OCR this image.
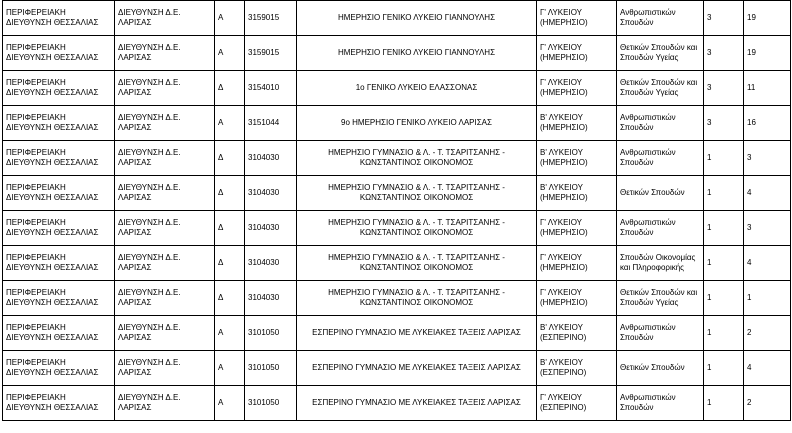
ΠΕΡΙΦΕΡΕΙΑΚΗ ΔΙΕΥΘΥΝΣΗ ΘΕΣΣΑΛΙΑΣ	ΔΙΕΥΘΥΝΣΗ Δ.Ε. ΛΑΡΙΣΑΣ	Α	3159015	ΗΜΕΡΗΣΙΟ ΓΕΝΙΚΟ ΛΥΚΕΙΟ ΓΙΑΝΝΟΥΛΗΣ	Γ' ΛΥΚΕΙΟΥ (ΗΜΕΡΗΣΙΟ)	Ανθρωπιστικών Σπουδών	3	19
ΠΕΡΙΦΕΡΕΙΑΚΗ ΔΙΕΥΘΥΝΣΗ ΘΕΣΣΑΛΙΑΣ	ΔΙΕΥΘΥΝΣΗ Δ.Ε. ΛΑΡΙΣΑΣ	Α	3159015	ΗΜΕΡΗΣΙΟ ΓΕΝΙΚΟ ΛΥΚΕΙΟ ΓΙΑΝΝΟΥΛΗΣ	Γ' ΛΥΚΕΙΟΥ (ΗΜΕΡΗΣΙΟ)	Θετικών Σπουδών και Σπουδών Υγείας	3	19
ΠΕΡΙΦΕΡΕΙΑΚΗ ΔΙΕΥΘΥΝΣΗ ΘΕΣΣΑΛΙΑΣ	ΔΙΕΥΘΥΝΣΗ Δ.Ε. ΛΑΡΙΣΑΣ	Δ	3154010	1ο ΓΕΝΙΚΟ ΛΥΚΕΙΟ ΕΛΑΣΣΟΝΑΣ	Γ' ΛΥΚΕΙΟΥ (ΗΜΕΡΗΣΙΟ)	Θετικών Σπουδών και Σπουδών Υγείας	3	11
ΠΕΡΙΦΕΡΕΙΑΚΗ ΔΙΕΥΘΥΝΣΗ ΘΕΣΣΑΛΙΑΣ	ΔΙΕΥΘΥΝΣΗ Δ.Ε. ΛΑΡΙΣΑΣ	Α	3151044	9ο ΗΜΕΡΗΣΙΟ ΓΕΝΙΚΟ ΛΥΚΕΙΟ ΛΑΡΙΣΑΣ	Β' ΛΥΚΕΙΟΥ (ΗΜΕΡΗΣΙΟ)	Ανθρωπιστικών Σπουδών	3	16
ΠΕΡΙΦΕΡΕΙΑΚΗ ΔΙΕΥΘΥΝΣΗ ΘΕΣΣΑΛΙΑΣ	ΔΙΕΥΘΥΝΣΗ Δ.Ε. ΛΑΡΙΣΑΣ	Δ	3104030	ΗΜΕΡΗΣΙΟ ΓΥΜΝΑΣΙΟ & Λ. - Τ. ΤΣΑΡΙΤΣΑΝΗΣ - ΚΩΝΣΤΑΝΤΙΝΟΣ ΟΙΚΟΝΟΜΟΣ	Β' ΛΥΚΕΙΟΥ (ΗΜΕΡΗΣΙΟ)	Ανθρωπιστικών Σπουδών	1	3
ΠΕΡΙΦΕΡΕΙΑΚΗ ΔΙΕΥΘΥΝΣΗ ΘΕΣΣΑΛΙΑΣ	ΔΙΕΥΘΥΝΣΗ Δ.Ε. ΛΑΡΙΣΑΣ	Δ	3104030	ΗΜΕΡΗΣΙΟ ΓΥΜΝΑΣΙΟ & Λ. - Τ. ΤΣΑΡΙΤΣΑΝΗΣ - ΚΩΝΣΤΑΝΤΙΝΟΣ ΟΙΚΟΝΟΜΟΣ	Β' ΛΥΚΕΙΟΥ (ΗΜΕΡΗΣΙΟ)	Θετικών Σπουδών	1	4
ΠΕΡΙΦΕΡΕΙΑΚΗ ΔΙΕΥΘΥΝΣΗ ΘΕΣΣΑΛΙΑΣ	ΔΙΕΥΘΥΝΣΗ Δ.Ε. ΛΑΡΙΣΑΣ	Δ	3104030	ΗΜΕΡΗΣΙΟ ΓΥΜΝΑΣΙΟ & Λ. - Τ. ΤΣΑΡΙΤΣΑΝΗΣ - ΚΩΝΣΤΑΝΤΙΝΟΣ ΟΙΚΟΝΟΜΟΣ	Γ' ΛΥΚΕΙΟΥ (ΗΜΕΡΗΣΙΟ)	Ανθρωπιστικών Σπουδών	1	3
ΠΕΡΙΦΕΡΕΙΑΚΗ ΔΙΕΥΘΥΝΣΗ ΘΕΣΣΑΛΙΑΣ	ΔΙΕΥΘΥΝΣΗ Δ.Ε. ΛΑΡΙΣΑΣ	Δ	3104030	ΗΜΕΡΗΣΙΟ ΓΥΜΝΑΣΙΟ & Λ. - Τ. ΤΣΑΡΙΤΣΑΝΗΣ - ΚΩΝΣΤΑΝΤΙΝΟΣ ΟΙΚΟΝΟΜΟΣ	Γ' ΛΥΚΕΙΟΥ (ΗΜΕΡΗΣΙΟ)	Σπουδών Οικονομίας και Πληροφορικής	1	4
ΠΕΡΙΦΕΡΕΙΑΚΗ ΔΙΕΥΘΥΝΣΗ ΘΕΣΣΑΛΙΑΣ	ΔΙΕΥΘΥΝΣΗ Δ.Ε. ΛΑΡΙΣΑΣ	Δ	3104030	ΗΜΕΡΗΣΙΟ ΓΥΜΝΑΣΙΟ & Λ. - Τ. ΤΣΑΡΙΤΣΑΝΗΣ - ΚΩΝΣΤΑΝΤΙΝΟΣ ΟΙΚΟΝΟΜΟΣ	Γ' ΛΥΚΕΙΟΥ (ΗΜΕΡΗΣΙΟ)	Θετικών Σπουδών και Σπουδών Υγείας	1	1
ΠΕΡΙΦΕΡΕΙΑΚΗ ΔΙΕΥΘΥΝΣΗ ΘΕΣΣΑΛΙΑΣ	ΔΙΕΥΘΥΝΣΗ Δ.Ε. ΛΑΡΙΣΑΣ	Α	3101050	ΕΣΠΕΡΙΝΟ ΓΥΜΝΑΣΙΟ ΜΕ ΛΥΚΕΙΑΚΕΣ ΤΑΞΕΙΣ ΛΑΡΙΣΑΣ	Β' ΛΥΚΕΙΟΥ (ΕΣΠΕΡΙΝΟ)	Ανθρωπιστικών Σπουδών	1	2
ΠΕΡΙΦΕΡΕΙΑΚΗ ΔΙΕΥΘΥΝΣΗ ΘΕΣΣΑΛΙΑΣ	ΔΙΕΥΘΥΝΣΗ Δ.Ε. ΛΑΡΙΣΑΣ	Α	3101050	ΕΣΠΕΡΙΝΟ ΓΥΜΝΑΣΙΟ ΜΕ ΛΥΚΕΙΑΚΕΣ ΤΑΞΕΙΣ ΛΑΡΙΣΑΣ	Β' ΛΥΚΕΙΟΥ (ΕΣΠΕΡΙΝΟ)	Θετικών Σπουδών	1	4
ΠΕΡΙΦΕΡΕΙΑΚΗ ΔΙΕΥΘΥΝΣΗ ΘΕΣΣΑΛΙΑΣ	ΔΙΕΥΘΥΝΣΗ Δ.Ε. ΛΑΡΙΣΑΣ	Α	3101050	ΕΣΠΕΡΙΝΟ ΓΥΜΝΑΣΙΟ ΜΕ ΛΥΚΕΙΑΚΕΣ ΤΑΞΕΙΣ ΛΑΡΙΣΑΣ	Γ' ΛΥΚΕΙΟΥ (ΕΣΠΕΡΙΝΟ)	Ανθρωπιστικών Σπουδών	1	2
